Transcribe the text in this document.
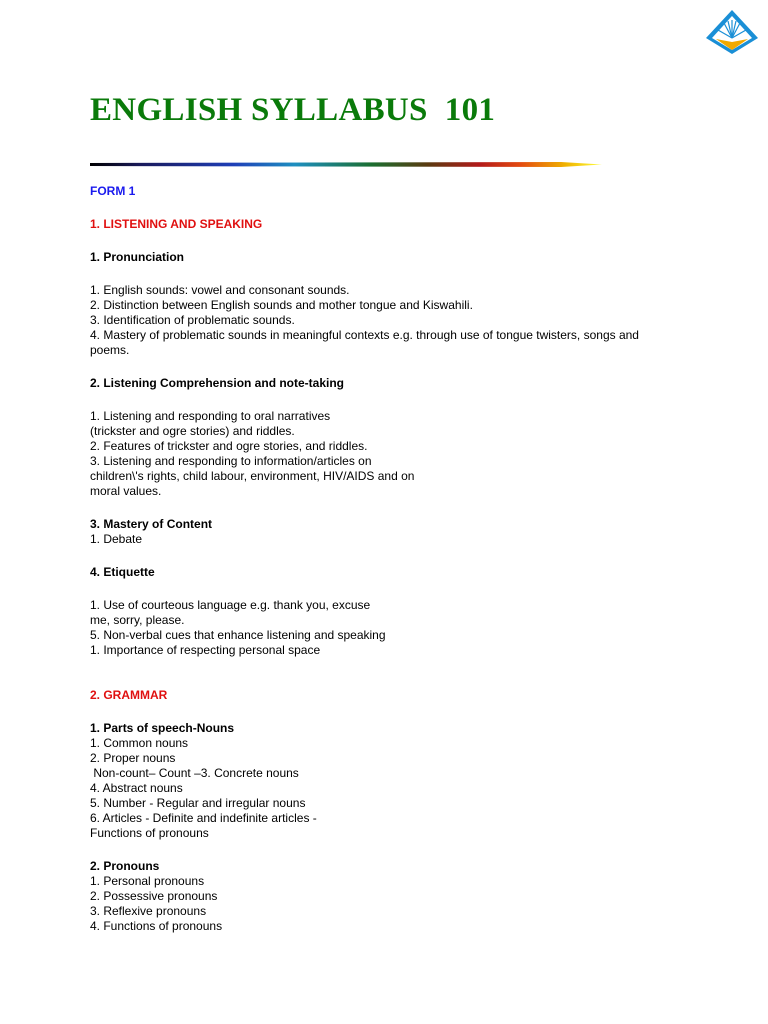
ENGLISH SYLLABUS  101
FORM 1
1. LISTENING AND SPEAKING
1. Pronunciation
1. English sounds: vowel and consonant sounds.
2. Distinction between English sounds and mother tongue and Kiswahili.
3. Identification of problematic sounds.
4. Mastery of problematic sounds in meaningful contexts e.g. through use of tongue twisters, songs and
poems.
2. Listening Comprehension and note-taking
1. Listening and responding to oral narratives
(trickster and ogre stories) and riddles.
2. Features of trickster and ogre stories, and riddles.
3. Listening and responding to information/articles on
children\'s rights, child labour, environment, HIV/AIDS and on
moral values.
3. Mastery of Content
1. Debate
4. Etiquette
1. Use of courteous language e.g. thank you, excuse
me, sorry, please.
5. Non-verbal cues that enhance listening and speaking
1. Importance of respecting personal space
2. GRAMMAR
1. Parts of speech-Nouns
1. Common nouns
2. Proper nouns
Non-count– Count –3. Concrete nouns
4. Abstract nouns
5. Number - Regular and irregular nouns
6. Articles - Definite and indefinite articles -
Functions of pronouns
2. Pronouns
1. Personal pronouns
2. Possessive pronouns
3. Reflexive pronouns
4. Functions of pronouns
